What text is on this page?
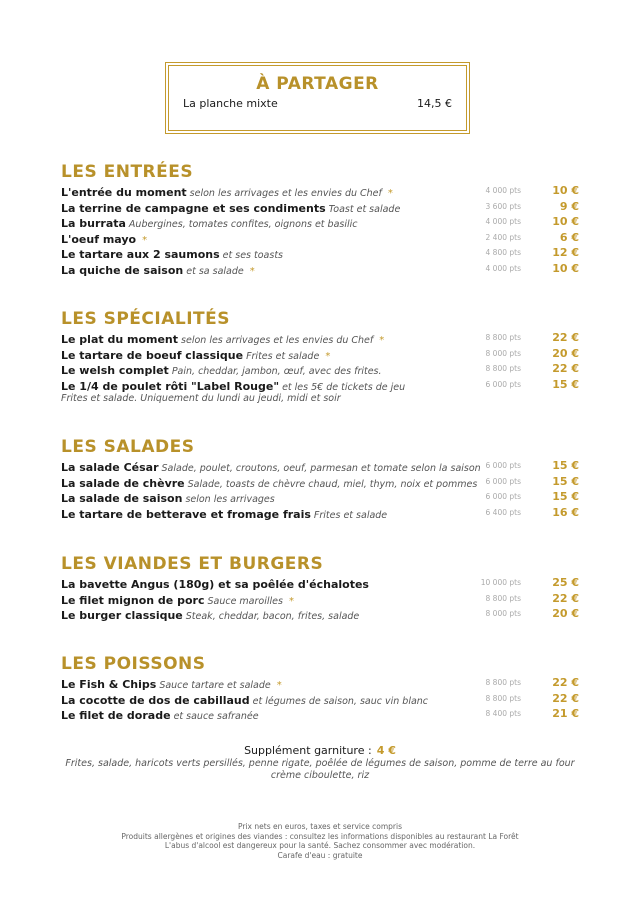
À PARTAGER
La planche mixte	14,5 €
LES ENTRÉES
L'entrée du moment selon les arrivages et les envies du Chef *	4 000 pts	10 €
La terrine de campagne et ses condiments Toast et salade	3 600 pts	9 €
La burrata Aubergines, tomates confites, oignons et basilic	4 000 pts	10 €
L'oeuf mayo *	2 400 pts	6 €
Le tartare aux 2 saumons et ses toasts	4 800 pts	12 €
La quiche de saison et sa salade *	4 000 pts	10 €
LES SPÉCIALITÉS
Le plat du moment selon les arrivages et les envies du Chef *	8 800 pts	22 €
Le tartare de boeuf classique Frites et salade *	8 000 pts	20 €
Le welsh complet Pain, cheddar, jambon, œuf, avec des frites.	8 800 pts	22 €
Le 1/4 de poulet rôti "Label Rouge" et les 5€ de tickets de jeu	6 000 pts	15 €
Frites et salade. Uniquement du lundi au jeudi, midi et soir
LES SALADES
La salade César Salade, poulet, croutons, oeuf, parmesan et tomate selon la saison 6 000 pts	15 €
La salade de chèvre Salade, toasts de chèvre chaud, miel, thym, noix et pommes 6 000 pts	15 €
La salade de saison selon les arrivages	6 000 pts	15 €
Le tartare de betterave et fromage frais Frites et salade	6 400 pts	16 €
LES VIANDES ET BURGERS
La bavette Angus (180g) et sa poêlée d'échalotes	10 000 pts	25 €
Le filet mignon de porc Sauce maroilles *	8 800 pts	22 €
Le burger classique Steak, cheddar, bacon, frites, salade	8 000 pts	20 €
LES POISSONS
Le Fish & Chips Sauce tartare et salade *	8 800 pts	22 €
La cocotte de dos de cabillaud et légumes de saison, sauc vin blanc	8 800 pts	22 €
Le filet de dorade et sauce safranée	8 400 pts	21 €
Supplément garniture : 4 €
Frites, salade, haricots verts persillés, penne rigate, poêlée de légumes de saison, pomme de terre au four crème ciboulette, riz
Prix nets en euros, taxes et service compris
Produits allergènes et origines des viandes : consultez les informations disponibles au restaurant La Forêt
L'abus d'alcool est dangereux pour la santé. Sachez consommer avec modération.
Carafe d'eau : gratuite
